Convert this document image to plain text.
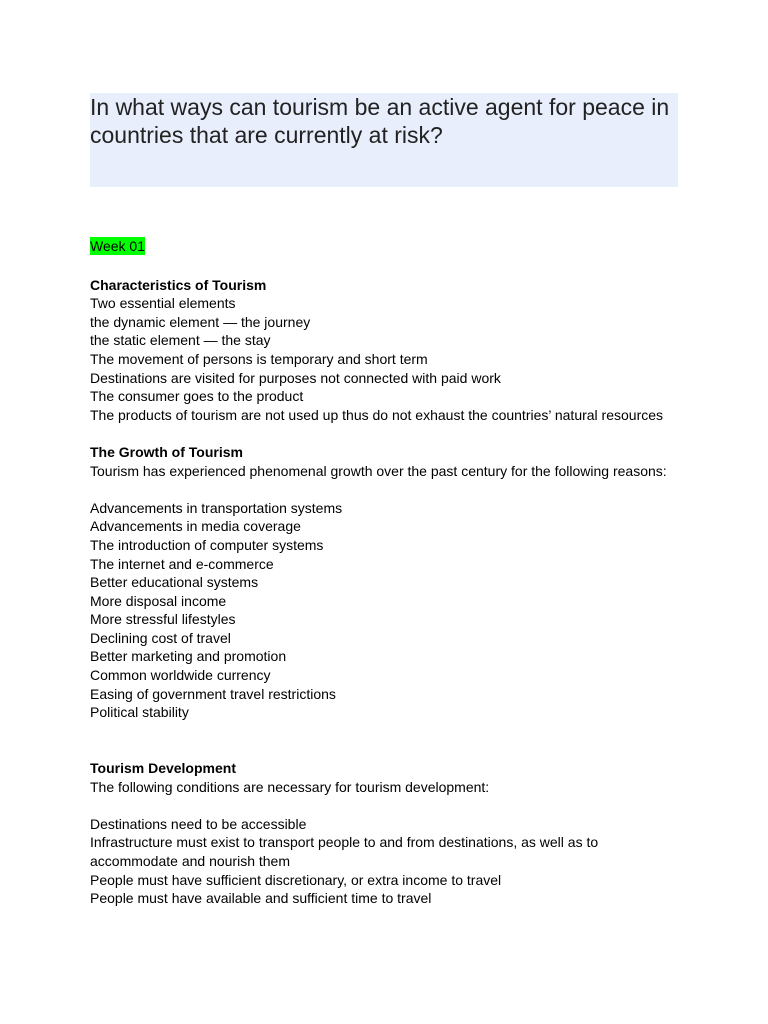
In what ways can tourism be an active agent for peace in countries that are currently at risk?
Week 01

Characteristics of Tourism

Two essential elements

the dynamic element — the journey

the static element — the stay

The movement of persons is temporary and short term

Destinations are visited for purposes not connected with paid work

The consumer goes to the product

The products of tourism are not used up thus do not exhaust the countries’ natural resources

The Growth of Tourism

Tourism has experienced phenomenal growth over the past century for the following reasons:

Advancements in transportation systems

Advancements in media coverage

The introduction of computer systems

The internet and e-commerce

Better educational systems

More disposal income

More stressful lifestyles

Declining cost of travel

Better marketing and promotion

Common worldwide currency

Easing of government travel restrictions

Political stability

Tourism Development

The following conditions are necessary for tourism development:

Destinations need to be accessible

Infrastructure must exist to transport people to and from destinations, as well as to

accommodate and nourish them

People must have sufficient discretionary, or extra income to travel

People must have available and sufficient time to travel
